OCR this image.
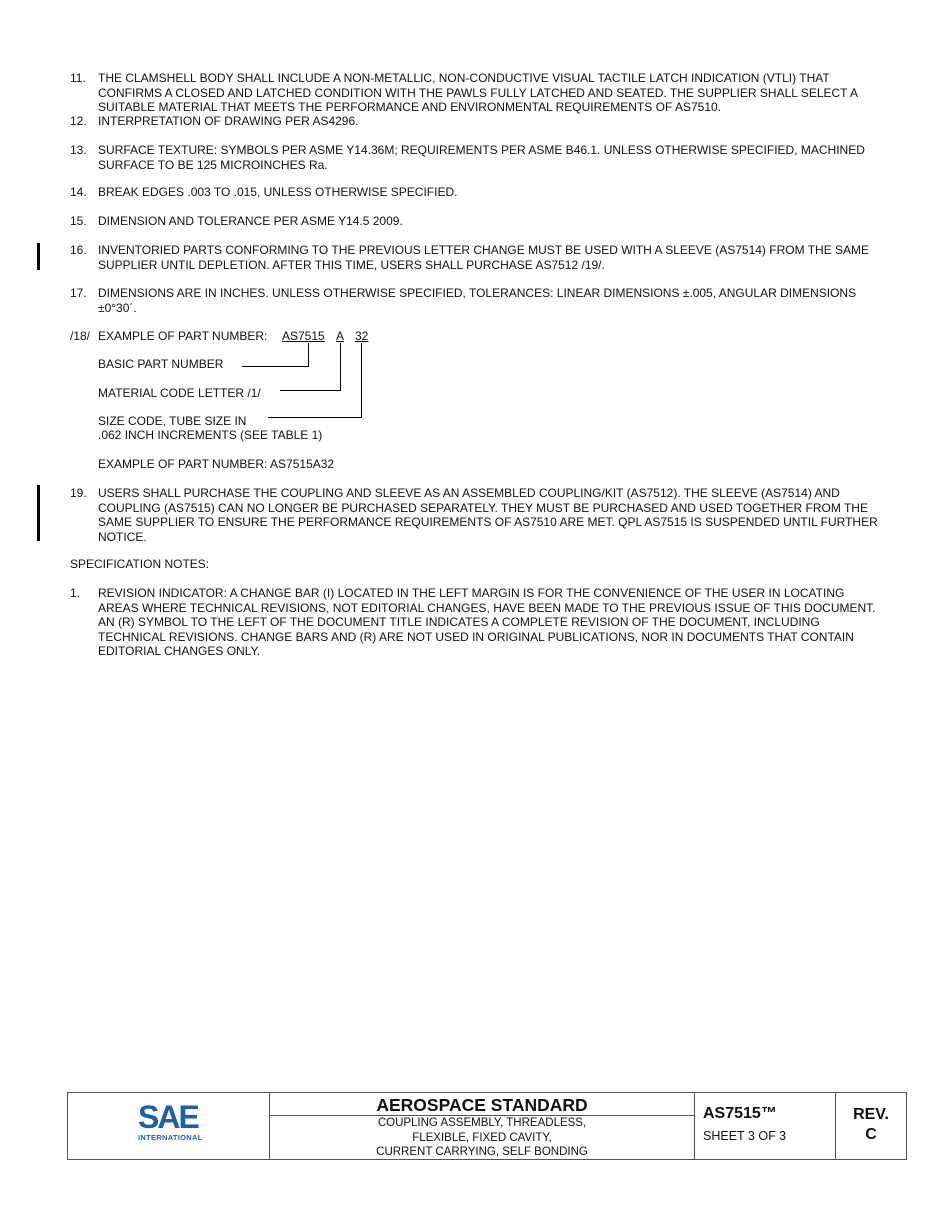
11. THE CLAMSHELL BODY SHALL INCLUDE A NON-METALLIC, NON-CONDUCTIVE VISUAL TACTILE LATCH INDICATION (VTLI) THAT CONFIRMS A CLOSED AND LATCHED CONDITION WITH THE PAWLS FULLY LATCHED AND SEATED. THE SUPPLIER SHALL SELECT A SUITABLE MATERIAL THAT MEETS THE PERFORMANCE AND ENVIRONMENTAL REQUIREMENTS OF AS7510.
12. INTERPRETATION OF DRAWING PER AS4296.
13. SURFACE TEXTURE: SYMBOLS PER ASME Y14.36M; REQUIREMENTS PER ASME B46.1. UNLESS OTHERWISE SPECIFIED, MACHINED SURFACE TO BE 125 MICROINCHES Ra.
14. BREAK EDGES .003 TO .015, UNLESS OTHERWISE SPECIFIED.
15. DIMENSION AND TOLERANCE PER ASME Y14.5 2009.
16. INVENTORIED PARTS CONFORMING TO THE PREVIOUS LETTER CHANGE MUST BE USED WITH A SLEEVE (AS7514) FROM THE SAME SUPPLIER UNTIL DEPLETION. AFTER THIS TIME, USERS SHALL PURCHASE AS7512 /19/.
17. DIMENSIONS ARE IN INCHES. UNLESS OTHERWISE SPECIFIED, TOLERANCES: LINEAR DIMENSIONS ±.005, ANGULAR DIMENSIONS ±0°30´.
/18/ EXAMPLE OF PART NUMBER: AS7515 A 32
BASIC PART NUMBER
MATERIAL CODE LETTER /1/
SIZE CODE, TUBE SIZE IN
.062 INCH INCREMENTS (SEE TABLE 1)
EXAMPLE OF PART NUMBER: AS7515A32
19. USERS SHALL PURCHASE THE COUPLING AND SLEEVE AS AN ASSEMBLED COUPLING/KIT (AS7512). THE SLEEVE (AS7514) AND COUPLING (AS7515) CAN NO LONGER BE PURCHASED SEPARATELY. THEY MUST BE PURCHASED AND USED TOGETHER FROM THE SAME SUPPLIER TO ENSURE THE PERFORMANCE REQUIREMENTS OF AS7510 ARE MET. QPL AS7515 IS SUSPENDED UNTIL FURTHER NOTICE.
SPECIFICATION NOTES:
1. REVISION INDICATOR: A CHANGE BAR (I) LOCATED IN THE LEFT MARGIN IS FOR THE CONVENIENCE OF THE USER IN LOCATING AREAS WHERE TECHNICAL REVISIONS, NOT EDITORIAL CHANGES, HAVE BEEN MADE TO THE PREVIOUS ISSUE OF THIS DOCUMENT. AN (R) SYMBOL TO THE LEFT OF THE DOCUMENT TITLE INDICATES A COMPLETE REVISION OF THE DOCUMENT, INCLUDING TECHNICAL REVISIONS. CHANGE BARS AND (R) ARE NOT USED IN ORIGINAL PUBLICATIONS, NOR IN DOCUMENTS THAT CONTAIN EDITORIAL CHANGES ONLY.
SAE
INTERNATIONAL
AEROSPACE STANDARD
COUPLING ASSEMBLY, THREADLESS,
FLEXIBLE, FIXED CAVITY,
CURRENT CARRYING, SELF BONDING
AS7515™
SHEET 3 OF 3
REV.
C
